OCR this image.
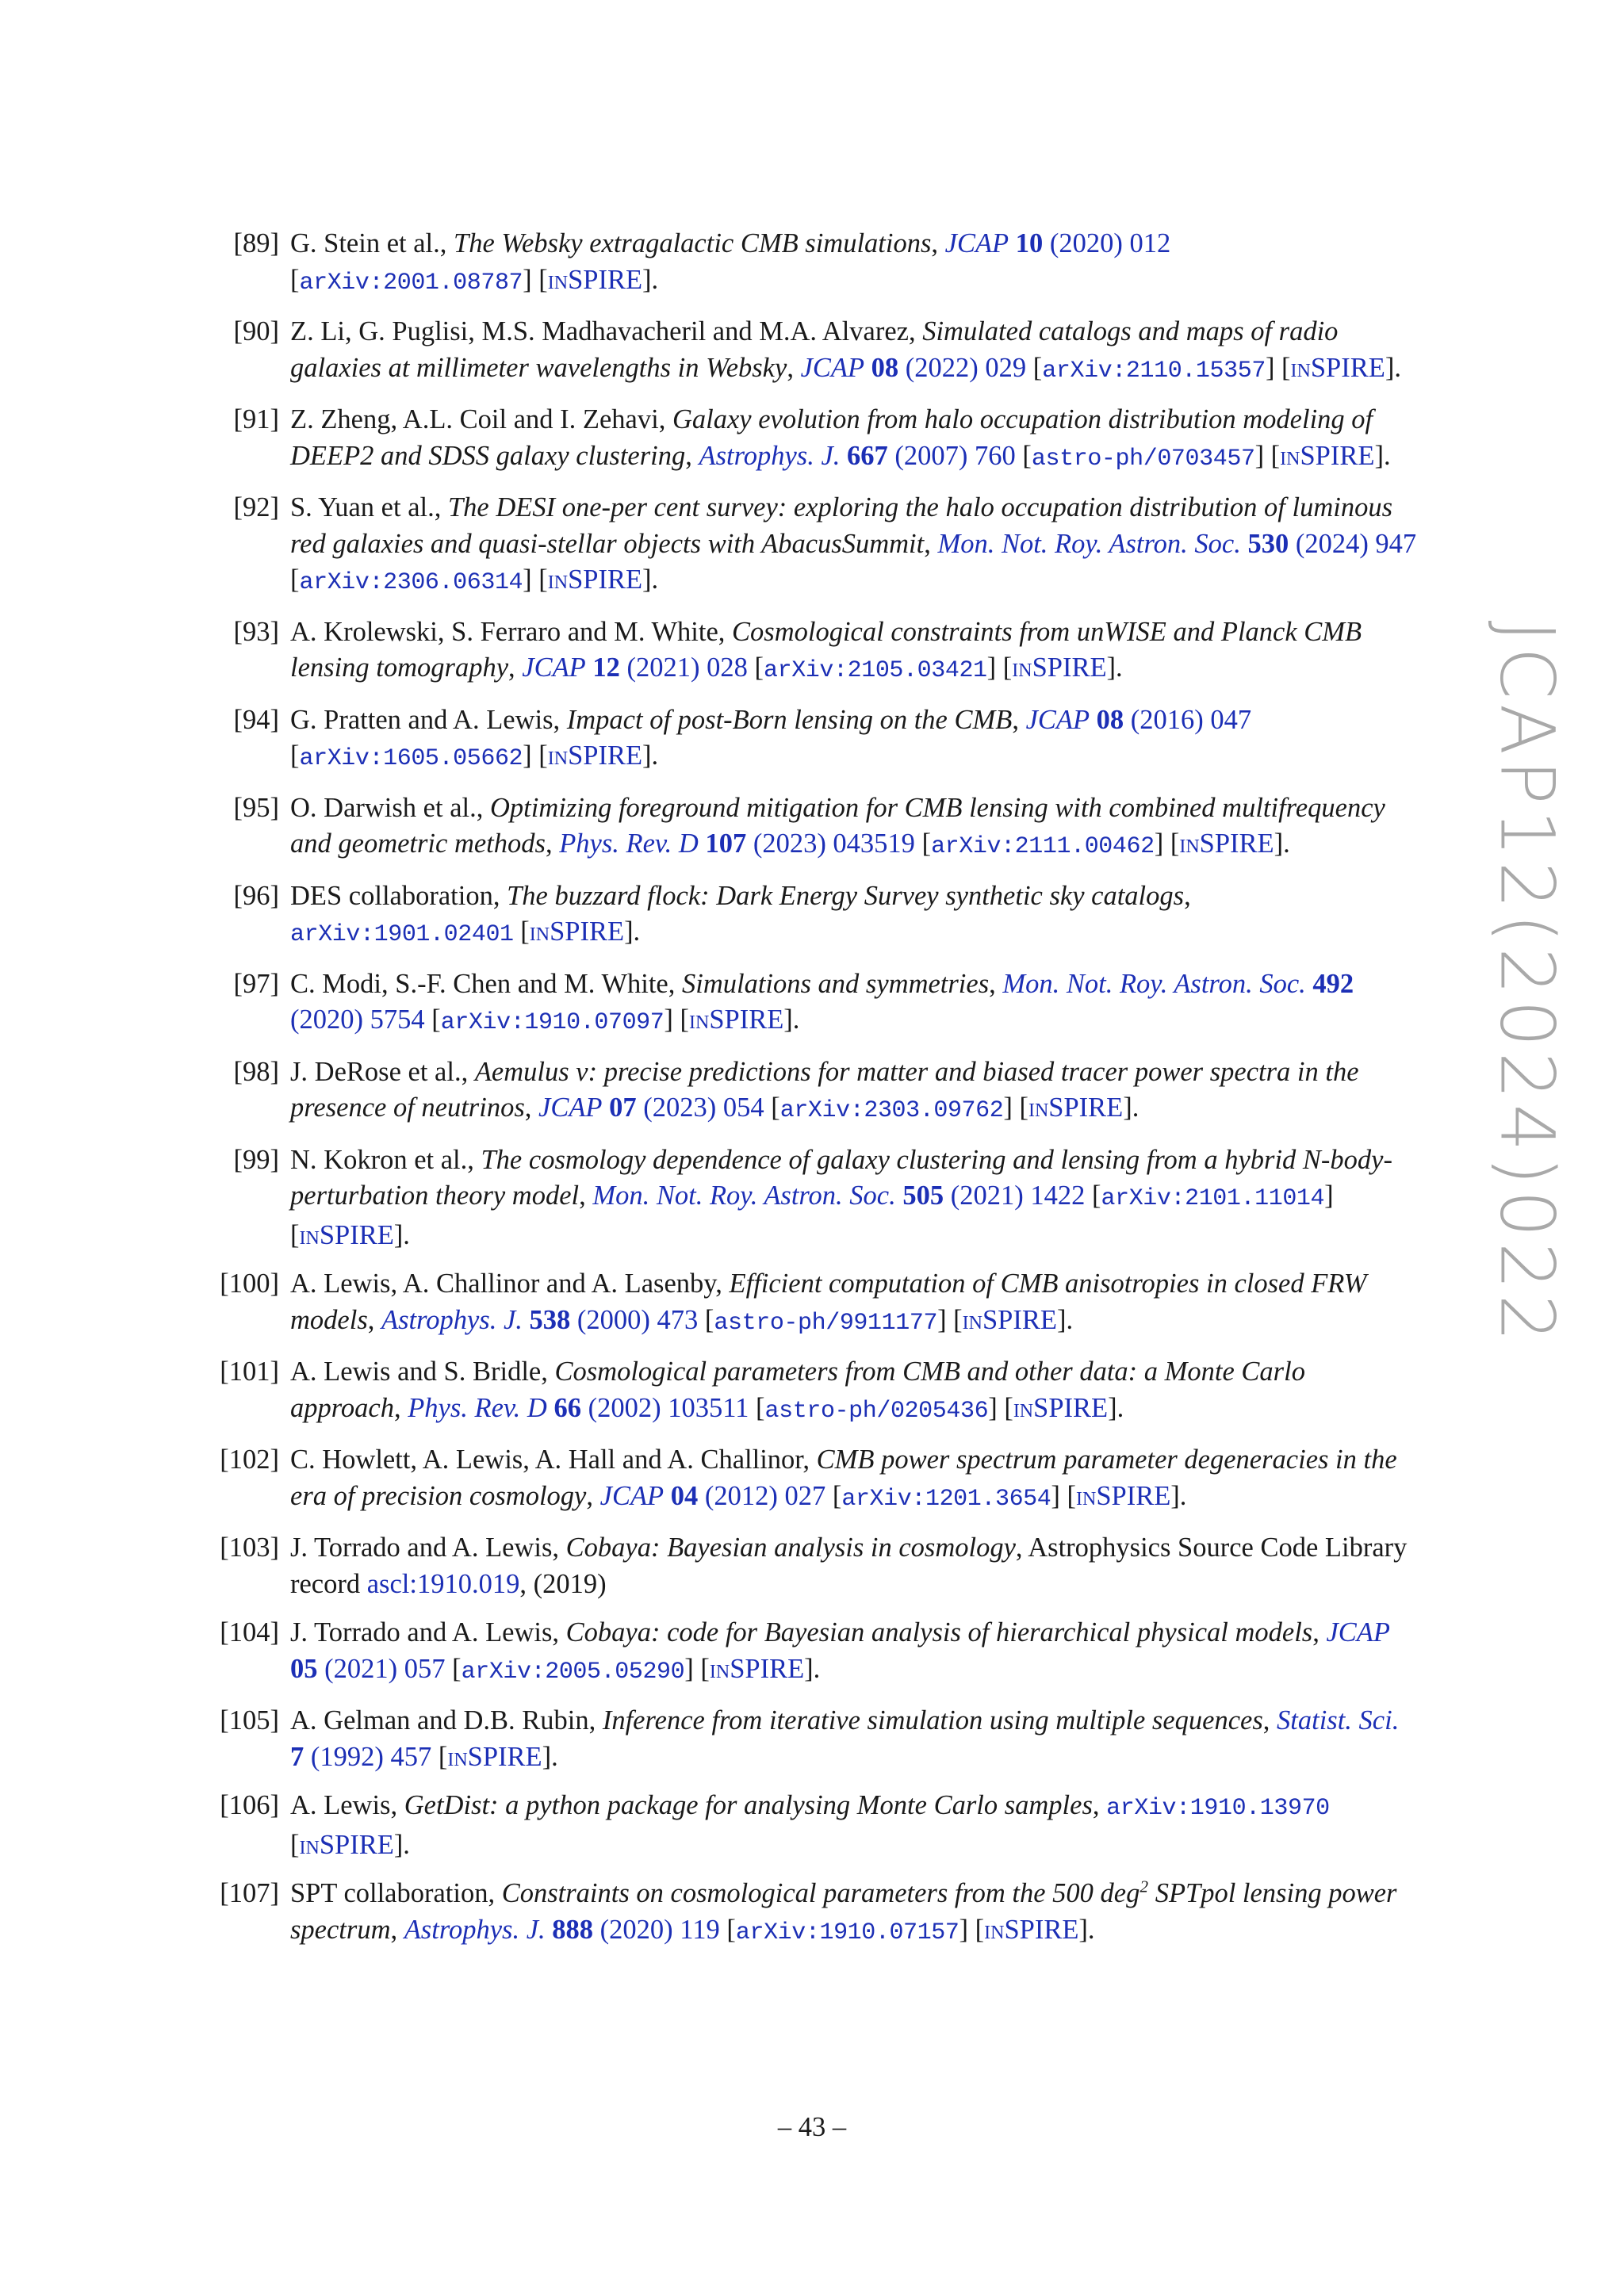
[89] G. Stein et al., The Websky extragalactic CMB simulations, JCAP 10 (2020) 012 [arXiv:2001.08787] [inSPIRE].
[90] Z. Li, G. Puglisi, M.S. Madhavacheril and M.A. Alvarez, Simulated catalogs and maps of radio galaxies at millimeter wavelengths in Websky, JCAP 08 (2022) 029 [arXiv:2110.15357] [inSPIRE].
[91] Z. Zheng, A.L. Coil and I. Zehavi, Galaxy evolution from halo occupation distribution modeling of DEEP2 and SDSS galaxy clustering, Astrophys. J. 667 (2007) 760 [astro-ph/0703457] [inSPIRE].
[92] S. Yuan et al., The DESI one-per cent survey: exploring the halo occupation distribution of luminous red galaxies and quasi-stellar objects with AbacusSummit, Mon. Not. Roy. Astron. Soc. 530 (2024) 947 [arXiv:2306.06314] [inSPIRE].
[93] A. Krolewski, S. Ferraro and M. White, Cosmological constraints from unWISE and Planck CMB lensing tomography, JCAP 12 (2021) 028 [arXiv:2105.03421] [inSPIRE].
[94] G. Pratten and A. Lewis, Impact of post-Born lensing on the CMB, JCAP 08 (2016) 047 [arXiv:1605.05662] [inSPIRE].
[95] O. Darwish et al., Optimizing foreground mitigation for CMB lensing with combined multifrequency and geometric methods, Phys. Rev. D 107 (2023) 043519 [arXiv:2111.00462] [inSPIRE].
[96] DES collaboration, The buzzard flock: Dark Energy Survey synthetic sky catalogs, arXiv:1901.02401 [inSPIRE].
[97] C. Modi, S.-F. Chen and M. White, Simulations and symmetries, Mon. Not. Roy. Astron. Soc. 492 (2020) 5754 [arXiv:1910.07097] [inSPIRE].
[98] J. DeRose et al., Aemulus ν: precise predictions for matter and biased tracer power spectra in the presence of neutrinos, JCAP 07 (2023) 054 [arXiv:2303.09762] [inSPIRE].
[99] N. Kokron et al., The cosmology dependence of galaxy clustering and lensing from a hybrid N-body-perturbation theory model, Mon. Not. Roy. Astron. Soc. 505 (2021) 1422 [arXiv:2101.11014] [inSPIRE].
[100] A. Lewis, A. Challinor and A. Lasenby, Efficient computation of CMB anisotropies in closed FRW models, Astrophys. J. 538 (2000) 473 [astro-ph/9911177] [inSPIRE].
[101] A. Lewis and S. Bridle, Cosmological parameters from CMB and other data: a Monte Carlo approach, Phys. Rev. D 66 (2002) 103511 [astro-ph/0205436] [inSPIRE].
[102] C. Howlett, A. Lewis, A. Hall and A. Challinor, CMB power spectrum parameter degeneracies in the era of precision cosmology, JCAP 04 (2012) 027 [arXiv:1201.3654] [inSPIRE].
[103] J. Torrado and A. Lewis, Cobaya: Bayesian analysis in cosmology, Astrophysics Source Code Library record ascl:1910.019, (2019)
[104] J. Torrado and A. Lewis, Cobaya: code for Bayesian analysis of hierarchical physical models, JCAP 05 (2021) 057 [arXiv:2005.05290] [inSPIRE].
[105] A. Gelman and D.B. Rubin, Inference from iterative simulation using multiple sequences, Statist. Sci. 7 (1992) 457 [inSPIRE].
[106] A. Lewis, GetDist: a python package for analysing Monte Carlo samples, arXiv:1910.13970 [inSPIRE].
[107] SPT collaboration, Constraints on cosmological parameters from the 500 deg$^2$ SPTpol lensing power spectrum, Astrophys. J. 888 (2020) 119 [arXiv:1910.07157] [inSPIRE].
JCAP12(2024)022
– 43 –
